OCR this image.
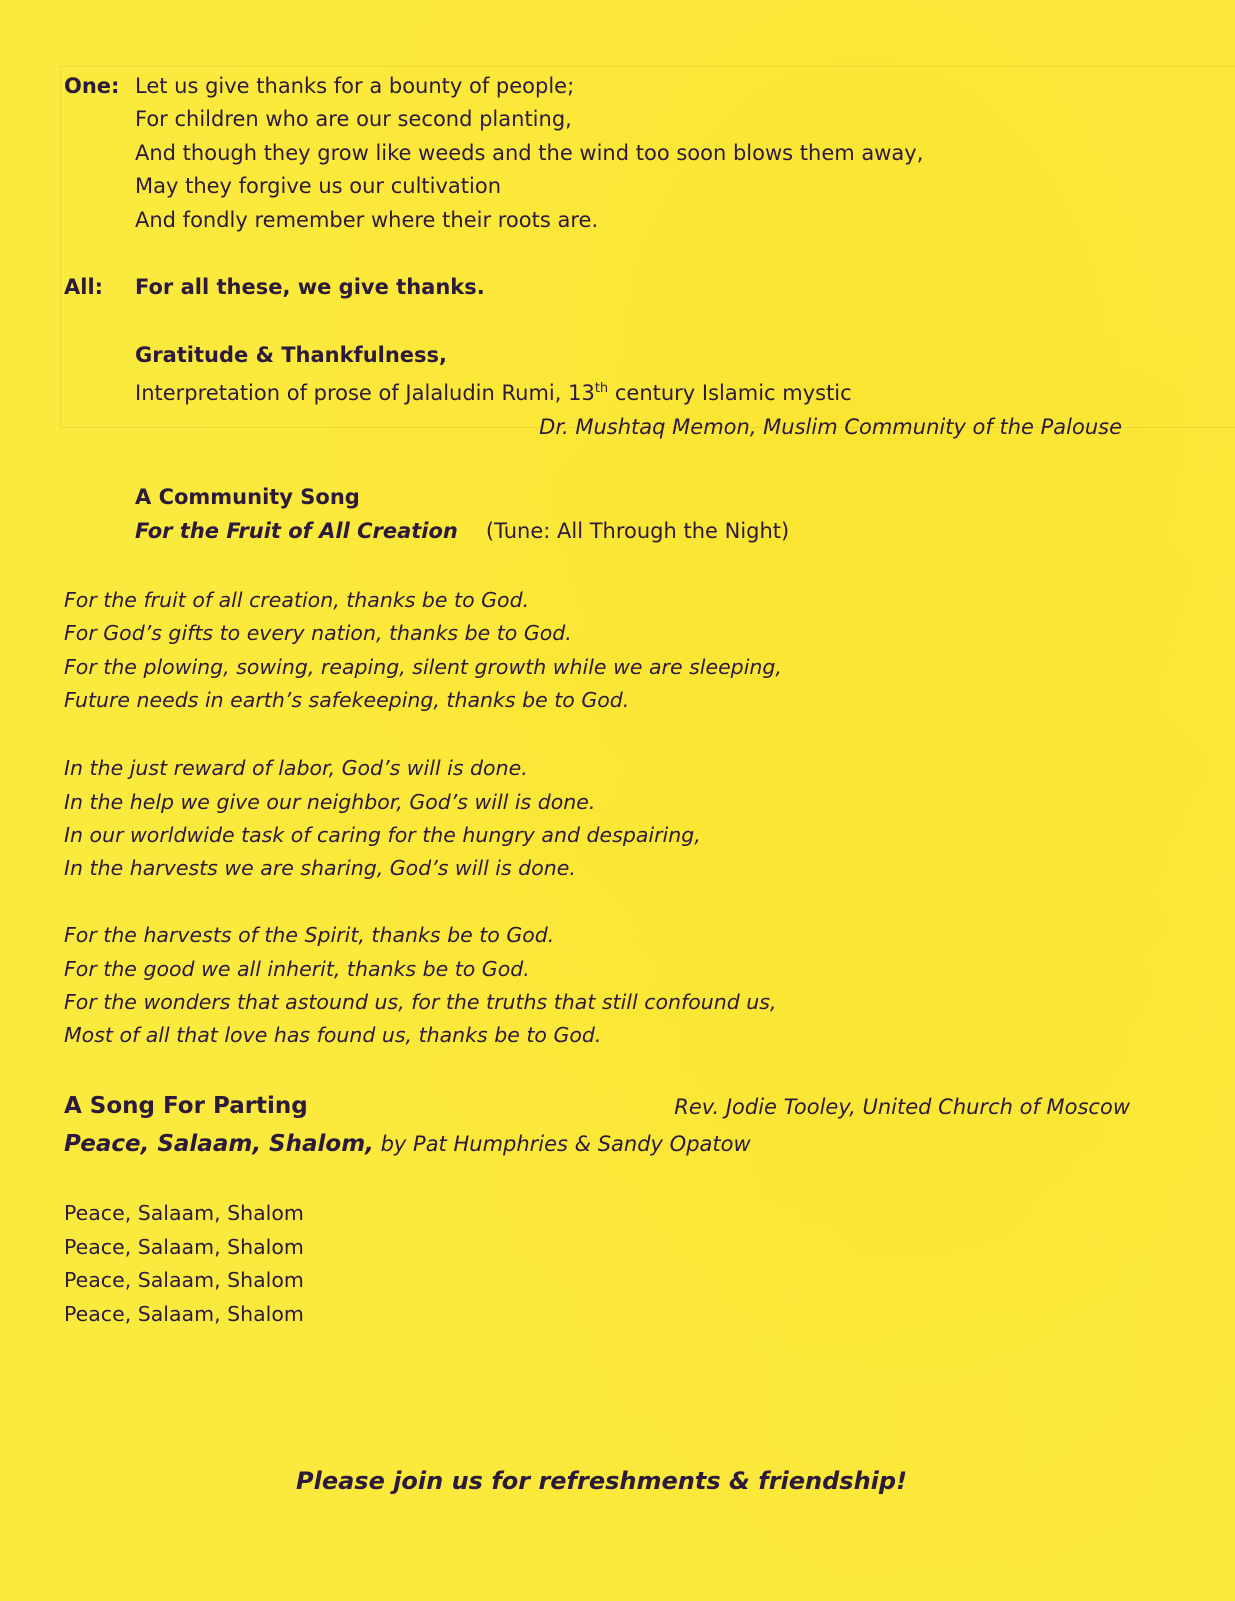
One: Let us give thanks for a bounty of people;
For children who are our second planting,
And though they grow like weeds and the wind too soon blows them away,
May they forgive us our cultivation
And fondly remember where their roots are.
All: For all these, we give thanks.
Gratitude & Thankfulness,
Interpretation of prose of Jalaludin Rumi, 13th century Islamic mystic
Dr. Mushtaq Memon, Muslim Community of the Palouse
A Community Song
For the Fruit of All Creation (Tune: All Through the Night)
For the fruit of all creation, thanks be to God.
For God’s gifts to every nation, thanks be to God.
For the plowing, sowing, reaping, silent growth while we are sleeping,
Future needs in earth’s safekeeping, thanks be to God.
In the just reward of labor, God’s will is done.
In the help we give our neighbor, God’s will is done.
In our worldwide task of caring for the hungry and despairing,
In the harvests we are sharing, God’s will is done.
For the harvests of the Spirit, thanks be to God.
For the good we all inherit, thanks be to God.
For the wonders that astound us, for the truths that still confound us,
Most of all that love has found us, thanks be to God.
A Song For Parting	Rev. Jodie Tooley, United Church of Moscow
Peace, Salaam, Shalom, by Pat Humphries & Sandy Opatow
Peace, Salaam, Shalom
Peace, Salaam, Shalom
Peace, Salaam, Shalom
Peace, Salaam, Shalom
Please join us for refreshments & friendship!
